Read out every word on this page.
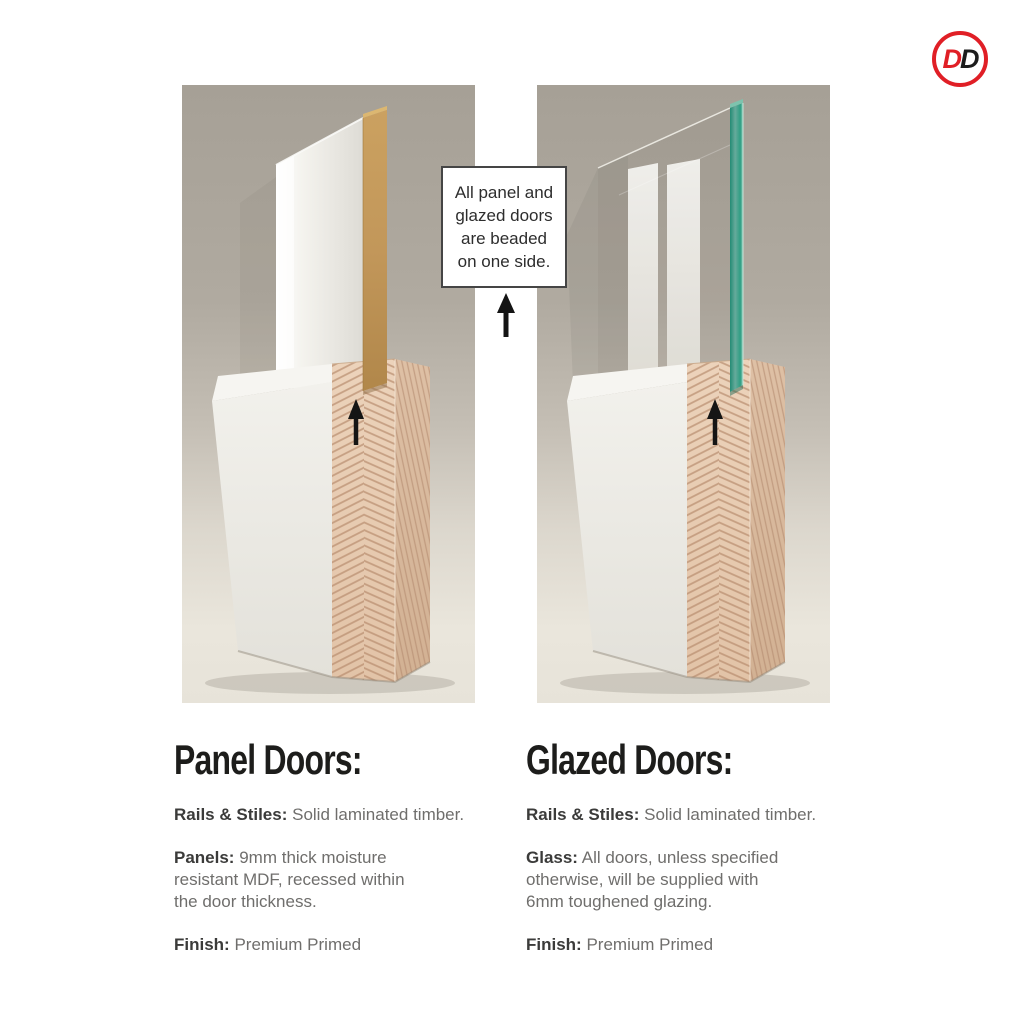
D D
All panel and
glazed doors
are beaded
on one side.
Panel Doors:

Rails & Stiles: Solid laminated timber.

Panels: 9mm thick moisture
resistant MDF, recessed within
the door thickness.

Finish: Premium Primed

Glazed Doors:

Rails & Stiles: Solid laminated timber.

Glass: All doors, unless specified
otherwise, will be supplied with
6mm toughened glazing.

Finish: Premium Primed
